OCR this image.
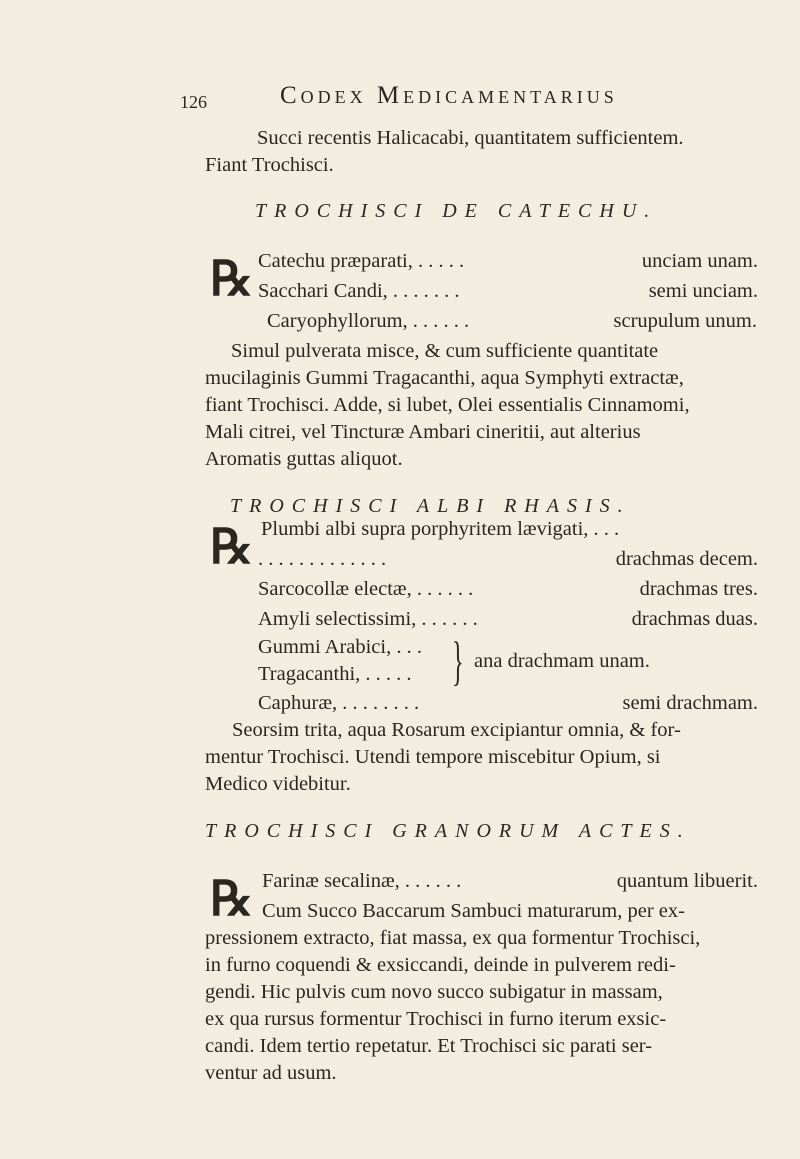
126	Codex Medicamentarius
Succi recentis Halicacabi, quantitatem sufficientem.
Fiant Trochisci.
TROCHISCI DE CATECHU.
℞ Catechu præparati, . . . . .	unciam unam.
Sacchari Candi, . . . . . . .	semi unciam.
Caryophyllorum, . . . . . .	scrupulum unum.
Simul pulverata misce, & cum sufficiente quantitate
mucilaginis Gummi Tragacanthi, aqua Symphyti extractæ,
fiant Trochisci. Adde, si lubet, Olei essentialis Cinnamomi,
Mali citrei, vel Tincturæ Ambari cineritii, aut alterius
Aromatis guttas aliquot.
TROCHISCI ALBI RHASIS.
℞ Plumbi albi supra porphyritem lævigati, . . .
. . . . . . . . . . . . .	drachmas decem.
Sarcocollæ electæ, . . . . . .	drachmas tres.
Amyli selectissimi, . . . . . .	drachmas duas.
Gummi Arabici, . . .
Tragacanthi, . . . . . } ana drachmam unam.
Caphuræ, . . . . . . . .	semi drachmam.
Seorsim trita, aqua Rosarum excipiantur omnia, & for-
mentur Trochisci. Utendi tempore miscebitur Opium, si
Medico videbitur.
TROCHISCI GRANORUM ACTES.
℞ Farinæ secalinæ, . . . . . .	quantum libuerit.
Cum Succo Baccarum Sambuci maturarum, per ex-
pressionem extracto, fiat massa, ex qua formentur Trochisci,
in furno coquendi & exsiccandi, deinde in pulverem redi-
gendi. Hic pulvis cum novo succo subigatur in massam,
ex qua rursus formentur Trochisci in furno iterum exsic-
candi. Idem tertio repetatur. Et Trochisci sic parati ser-
ventur ad usum.
